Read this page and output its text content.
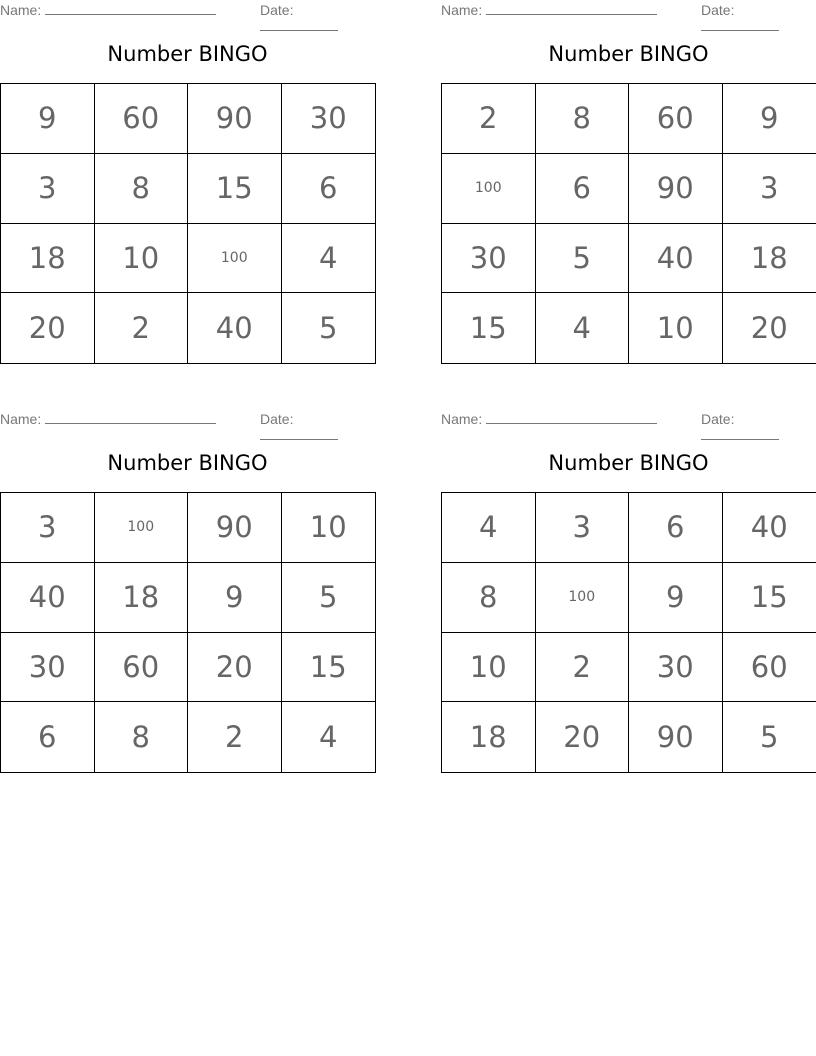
Name:	Date:
Number BINGO
9	60	90	30
3	8	15	6
18	10	100	4
20	2	40	5
Name:	Date:
Number BINGO
2	8	60	9
100	6	90	3
30	5	40	18
15	4	10	20
Name:	Date:
Number BINGO
3	100	90	10
40	18	9	5
30	60	20	15
6	8	2	4
Name:	Date:
Number BINGO
4	3	6	40
8	100	9	15
10	2	30	60
18	20	90	5
